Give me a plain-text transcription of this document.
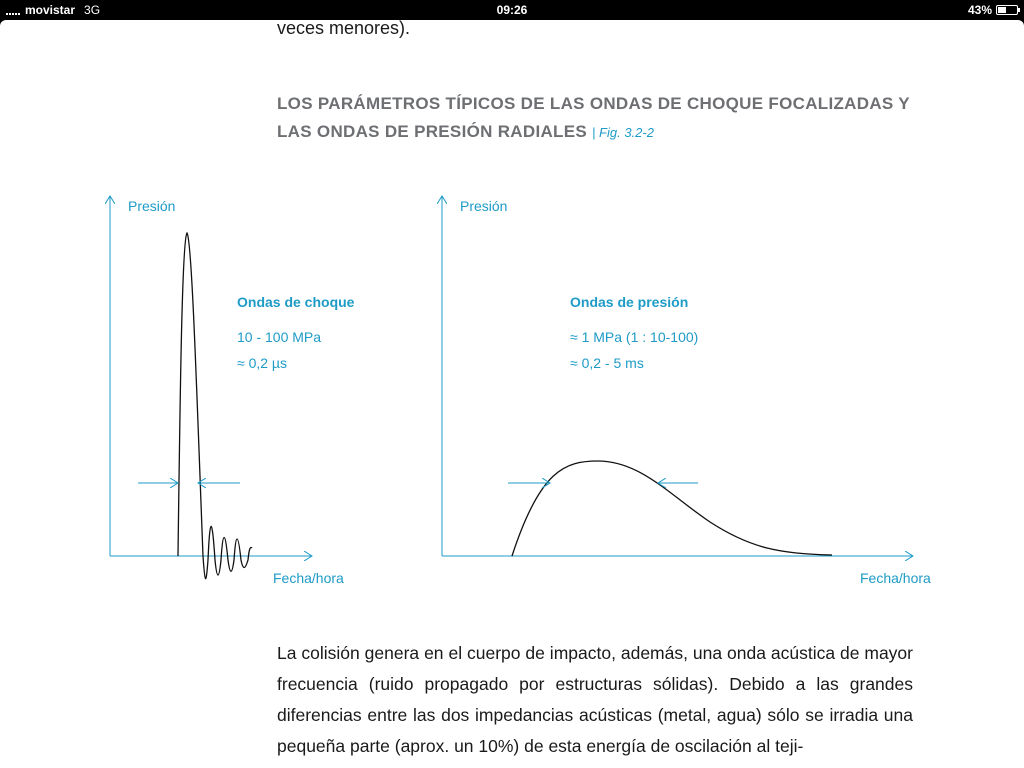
movistar 3G	09:26	43%
veces menores).
LOS PARÁMETROS TÍPICOS DE LAS ONDAS DE CHOQUE FOCALIZADAS Y LAS ONDAS DE PRESIÓN RADIALES | Fig. 3.2-2
Presión
Fecha/hora
Ondas de choque
10 - 100 MPa
≈ 0,2 µs
Presión
Fecha/hora
Ondas de presión
≈ 1 MPa (1 : 10-100)
≈ 0,2 - 5 ms

La colisión genera en el cuerpo de impacto, además, una onda acústica de mayor frecuencia (ruido propagado por estructuras sólidas). Debido a las grandes diferencias entre las dos impedancias acústicas (metal, agua) sólo se irradia una pequeña parte (aprox. un 10%) de esta energía de oscilación al teji-
